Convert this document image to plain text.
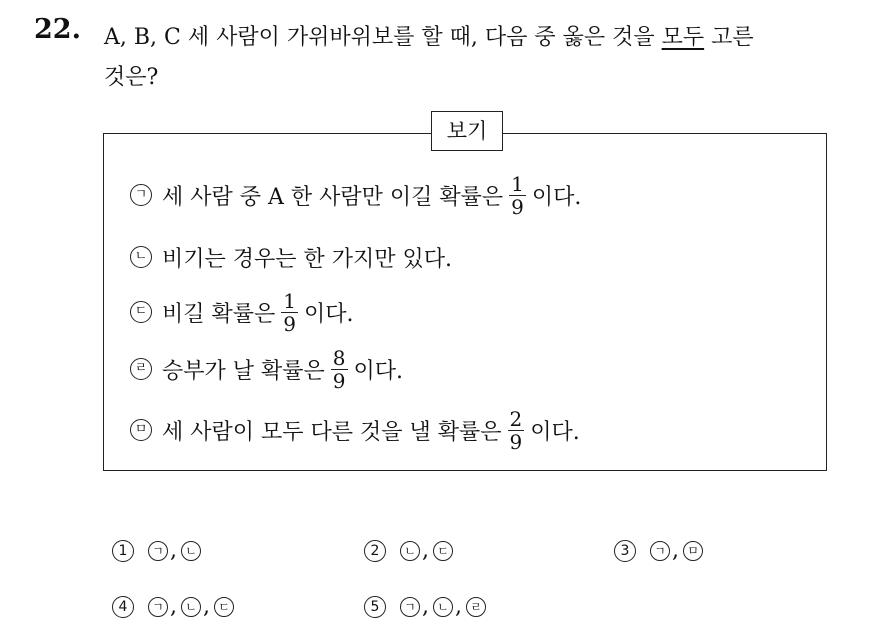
22. A, B, C 세 사람이 가위바위보를 할 때, 다음 중 옳은 것을 모두 고른
것은?
보기
ㄱ 세 사람 중 A 한 사람만 이길 확률은 $\frac{1}{9}$ 이다.
ㄴ 비기는 경우는 한 가지만 있다.
ㄷ 비길 확률은 $\frac{1}{9}$ 이다.
ㄹ 승부가 날 확률은 $\frac{8}{9}$ 이다.
ㅁ 세 사람이 모두 다른 것을 낼 확률은 $\frac{2}{9}$ 이다.
1	ㄱ , ㄴ	2	ㄴ , ㄷ	3	ㄱ , ㅁ
4	ㄱ , ㄴ , ㄷ	5	ㄱ , ㄴ , ㄹ
